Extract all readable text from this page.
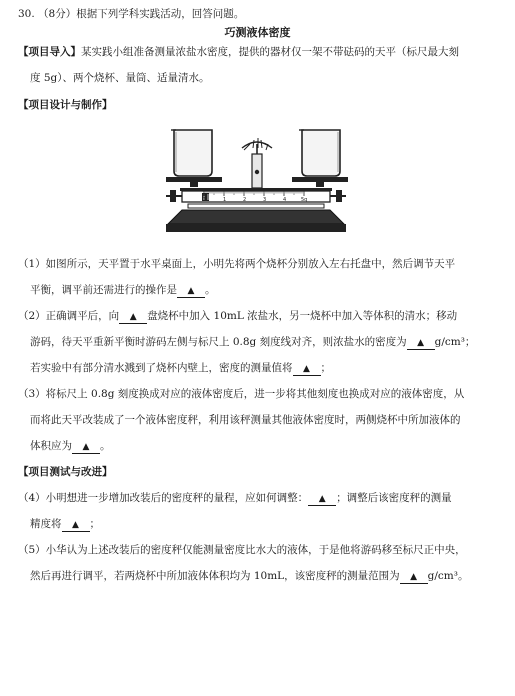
30. （8分）根据下列学科实践活动，回答问题。
巧测液体密度
【项目导入】某实践小组准备测量浓盐水密度，提供的器材仅一架不带砝码的天平（标尺最大刻
度 5g）、两个烧杯、量筒、适量清水。
【项目设计与制作】
0	1	2	3	4	5g
（1）如图所示，天平置于水平桌面上，小明先将两个烧杯分别放入左右托盘中，然后调节天平
平衡，调平前还需进行的操作是 ▲ 。
（2）正确调平后，向 ▲ 盘烧杯中加入 10mL 浓盐水，另一烧杯中加入等体积的清水；移动
游码，待天平重新平衡时游码左侧与标尺上 0.8g 刻度线对齐，则浓盐水的密度为 ▲ g/cm³；
若实验中有部分清水溅到了烧杯内壁上，密度的测量值将 ▲ ；
（3）将标尺上 0.8g 刻度换成对应的液体密度后，进一步将其他刻度也换成对应的液体密度，从
而将此天平改装成了一个液体密度秤，利用该秤测量其他液体密度时，两侧烧杯中所加液体的
体积应为 ▲ 。
【项目测试与改进】
（4）小明想进一步增加改装后的密度秤的量程，应如何调整： ▲ ；调整后该密度秤的测量
精度将 ▲ ；
（5）小华认为上述改装后的密度秤仅能测量密度比水大的液体，于是他将游码移至标尺正中央，
然后再进行调平，若两烧杯中所加液体体积均为 10mL，该密度秤的测量范围为 ▲ g/cm³。
